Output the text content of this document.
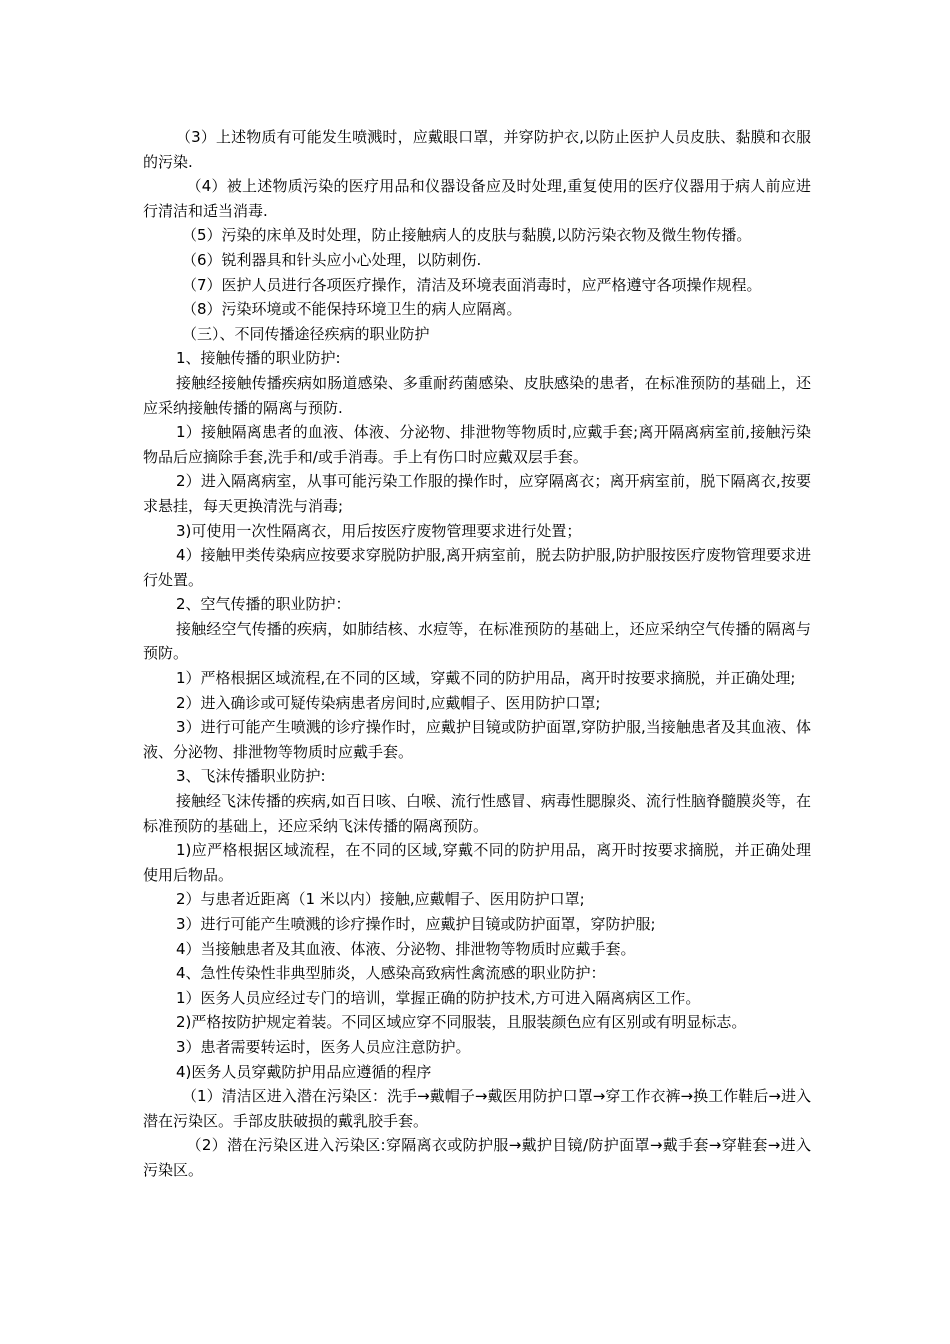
（3）上述物质有可能发生喷溅时，应戴眼口罩，并穿防护衣,以防止医护人员皮肤、黏膜和衣服的污染.

（4）被上述物质污染的医疗用品和仪器设备应及时处理,重复使用的医疗仪器用于病人前应进行清洁和适当消毒.

（5）污染的床单及时处理，防止接触病人的皮肤与黏膜,以防污染衣物及微生物传播。

（6）锐利器具和针头应小心处理，以防刺伤.

（7）医护人员进行各项医疗操作，清洁及环境表面消毒时，应严格遵守各项操作规程。

（8）污染环境或不能保持环境卫生的病人应隔离。

（三）、不同传播途径疾病的职业防护

1、接触传播的职业防护:

接触经接触传播疾病如肠道感染、多重耐药菌感染、皮肤感染的患者，在标准预防的基础上，还应采纳接触传播的隔离与预防.

1）接触隔离患者的血液、体液、分泌物、排泄物等物质时,应戴手套;离开隔离病室前,接触污染物品后应摘除手套,洗手和/或手消毒。手上有伤口时应戴双层手套。

2）进入隔离病室，从事可能污染工作服的操作时，应穿隔离衣；离开病室前，脱下隔离衣,按要求悬挂，每天更换清洗与消毒;

3)可使用一次性隔离衣，用后按医疗废物管理要求进行处置；

4）接触甲类传染病应按要求穿脱防护服,离开病室前，脱去防护服,防护服按医疗废物管理要求进行处置。

2、空气传播的职业防护：

接触经空气传播的疾病，如肺结核、水痘等，在标准预防的基础上，还应采纳空气传播的隔离与预防。

1）严格根据区域流程,在不同的区域，穿戴不同的防护用品，离开时按要求摘脱，并正确处理;

2）进入确诊或可疑传染病患者房间时,应戴帽子、医用防护口罩;

3）进行可能产生喷溅的诊疗操作时，应戴护目镜或防护面罩,穿防护服,当接触患者及其血液、体液、分泌物、排泄物等物质时应戴手套。

3、飞沫传播职业防护:

接触经飞沫传播的疾病,如百日咳、白喉、流行性感冒、病毒性腮腺炎、流行性脑脊髓膜炎等，在标准预防的基础上，还应采纳飞沫传播的隔离预防。

1)应严格根据区域流程，在不同的区域,穿戴不同的防护用品，离开时按要求摘脱，并正确处理使用后物品。

2）与患者近距离（1 米以内）接触,应戴帽子、医用防护口罩;

3）进行可能产生喷溅的诊疗操作时，应戴护目镜或防护面罩，穿防护服;

4）当接触患者及其血液、体液、分泌物、排泄物等物质时应戴手套。

4、急性传染性非典型肺炎，人感染高致病性禽流感的职业防护：

1）医务人员应经过专门的培训，掌握正确的防护技术,方可进入隔离病区工作。

2)严格按防护规定着装。不同区域应穿不同服装，且服装颜色应有区别或有明显标志。

3）患者需要转运时，医务人员应注意防护。

4)医务人员穿戴防护用品应遵循的程序

（1）清洁区进入潜在污染区：洗手→戴帽子→戴医用防护口罩→穿工作衣裤→换工作鞋后→进入潜在污染区。手部皮肤破损的戴乳胶手套。

（2）潜在污染区进入污染区:穿隔离衣或防护服→戴护目镜/防护面罩→戴手套→穿鞋套→进入污染区。
